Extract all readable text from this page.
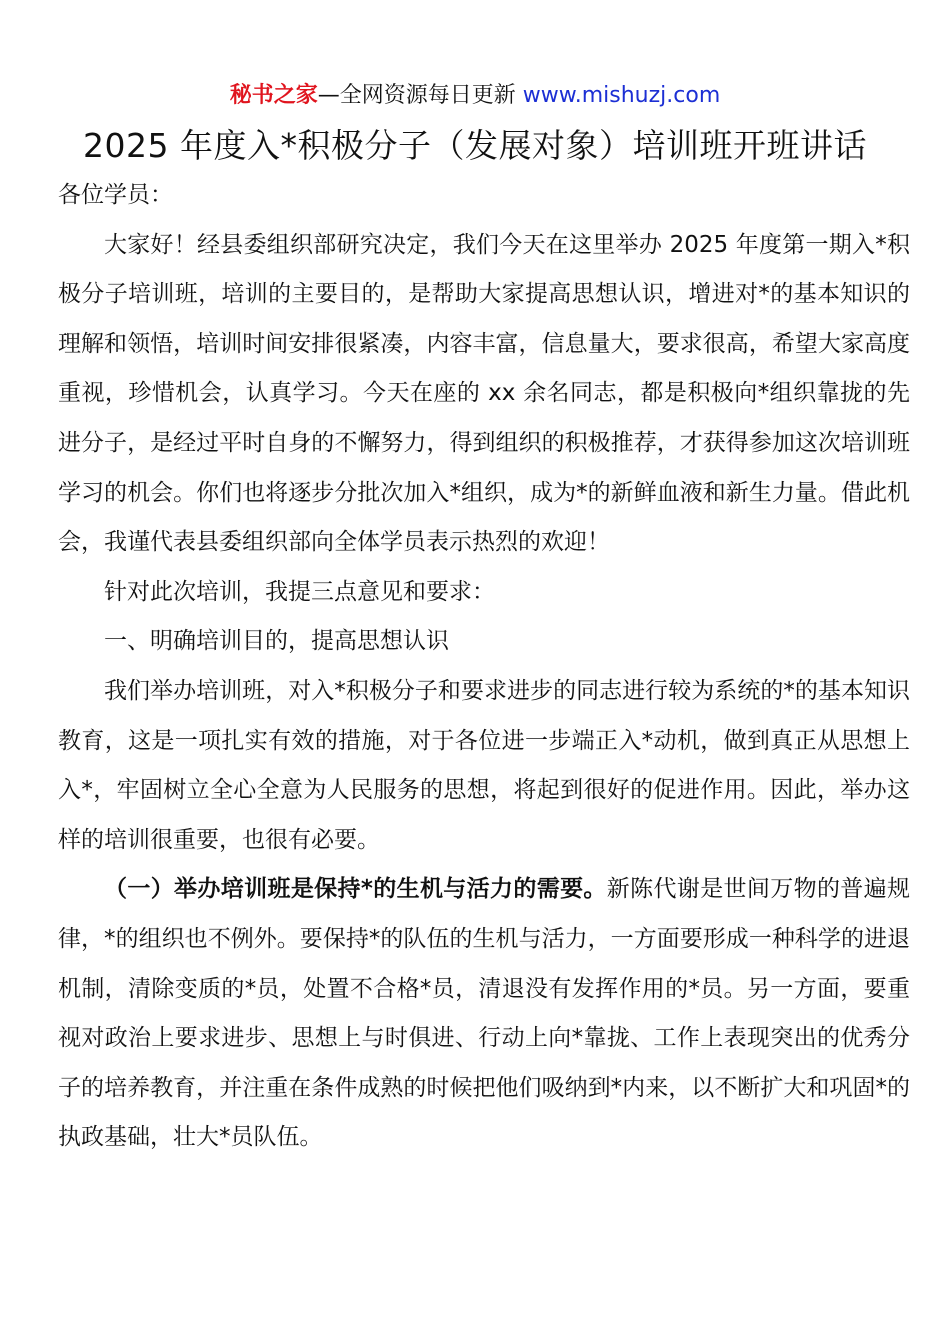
秘书之家—全网资源每日更新 www.mishuzj.com
2025 年度入*积极分子（发展对象）培训班开班讲话

各位学员：

大家好！经县委组织部研究决定，我们今天在这里举办 2025 年度第一期入*积极分子培训班，培训的主要目的，是帮助大家提高思想认识，增进对*的基本知识的理解和领悟，培训时间安排很紧凑，内容丰富，信息量大，要求很高，希望大家高度重视，珍惜机会，认真学习。今天在座的 xx 余名同志，都是积极向*组织靠拢的先进分子，是经过平时自身的不懈努力，得到组织的积极推荐，才获得参加这次培训班学习的机会。你们也将逐步分批次加入*组织，成为*的新鲜血液和新生力量。借此机会，我谨代表县委组织部向全体学员表示热烈的欢迎！

针对此次培训，我提三点意见和要求：

一、明确培训目的，提高思想认识

我们举办培训班，对入*积极分子和要求进步的同志进行较为系统的*的基本知识教育，这是一项扎实有效的措施，对于各位进一步端正入*动机，做到真正从思想上入*，牢固树立全心全意为人民服务的思想，将起到很好的促进作用。因此，举办这样的培训很重要，也很有必要。

（一）举办培训班是保持*的生机与活力的需要。新陈代谢是世间万物的普遍规律，*的组织也不例外。要保持*的队伍的生机与活力，一方面要形成一种科学的进退机制，清除变质的*员，处置不合格*员，清退没有发挥作用的*员。另一方面，要重视对政治上要求进步、思想上与时俱进、行动上向*靠拢、工作上表现突出的优秀分子的培养教育，并注重在条件成熟的时候把他们吸纳到*内来，以不断扩大和巩固*的执政基础，壮大*员队伍。
